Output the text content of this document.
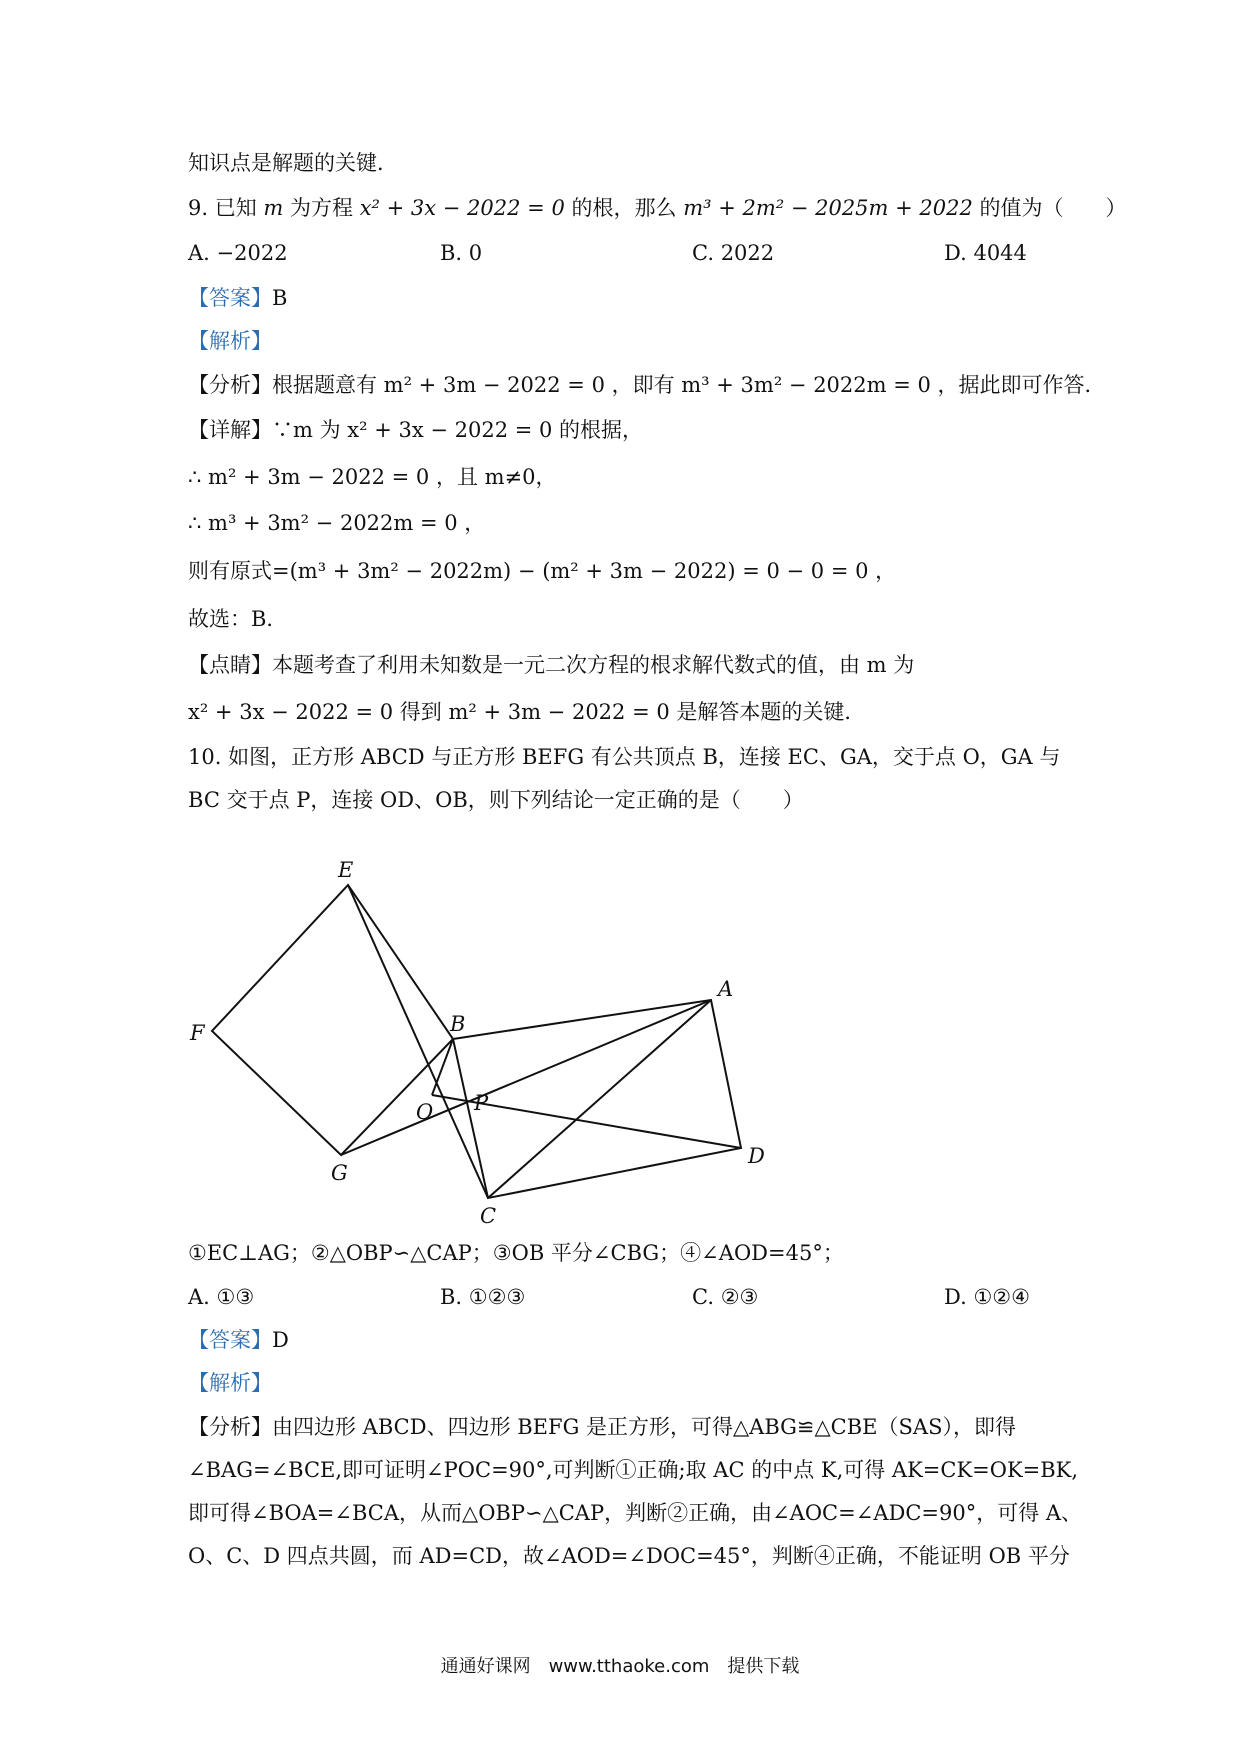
知识点是解题的关键．
9. 已知 m 为方程 x² + 3x − 2022 = 0 的根，那么 m³ + 2m² − 2025m + 2022 的值为（　　）
A. −2022	B. 0	C. 2022	D. 4044
【答案】B
【解析】
【分析】根据题意有 m² + 3m − 2022 = 0 ，即有 m³ + 3m² − 2022m = 0 ，据此即可作答．
【详解】∵m 为 x² + 3x − 2022 = 0 的根据，
∴ m² + 3m − 2022 = 0 ，且 m≠0，
∴ m³ + 3m² − 2022m = 0 ，
则有原式=(m³ + 3m² − 2022m) − (m² + 3m − 2022) = 0 − 0 = 0 ，
故选：B．
【点睛】本题考查了利用未知数是一元二次方程的根求解代数式的值，由 m 为
x² + 3x − 2022 = 0 得到 m² + 3m − 2022 = 0 是解答本题的关键．
10. 如图，正方形 ABCD 与正方形 BEFG 有公共顶点 B，连接 EC、GA，交于点 O，GA 与
BC 交于点 P，连接 OD、OB，则下列结论一定正确的是（　　）
E
A
B
F
P
O
G
D
C
①EC⊥AG；②△OBP∽△CAP；③OB 平分∠CBG；④∠AOD=45°；
A. ①③	B. ①②③	C. ②③	D. ①②④
【答案】D
【解析】
【分析】由四边形 ABCD、四边形 BEFG 是正方形，可得△ABG≌△CBE（SAS），即得
∠BAG=∠BCE,即可证明∠POC=90°,可判断①正确;取 AC 的中点 K,可得 AK=CK=OK=BK,
即可得∠BOA=∠BCA，从而△OBP∽△CAP，判断②正确，由∠AOC=∠ADC=90°，可得 A、
O、C、D 四点共圆，而 AD=CD，故∠AOD=∠DOC=45°，判断④正确，不能证明 OB 平分
通通好课网　www.tthaoke.com　提供下载
